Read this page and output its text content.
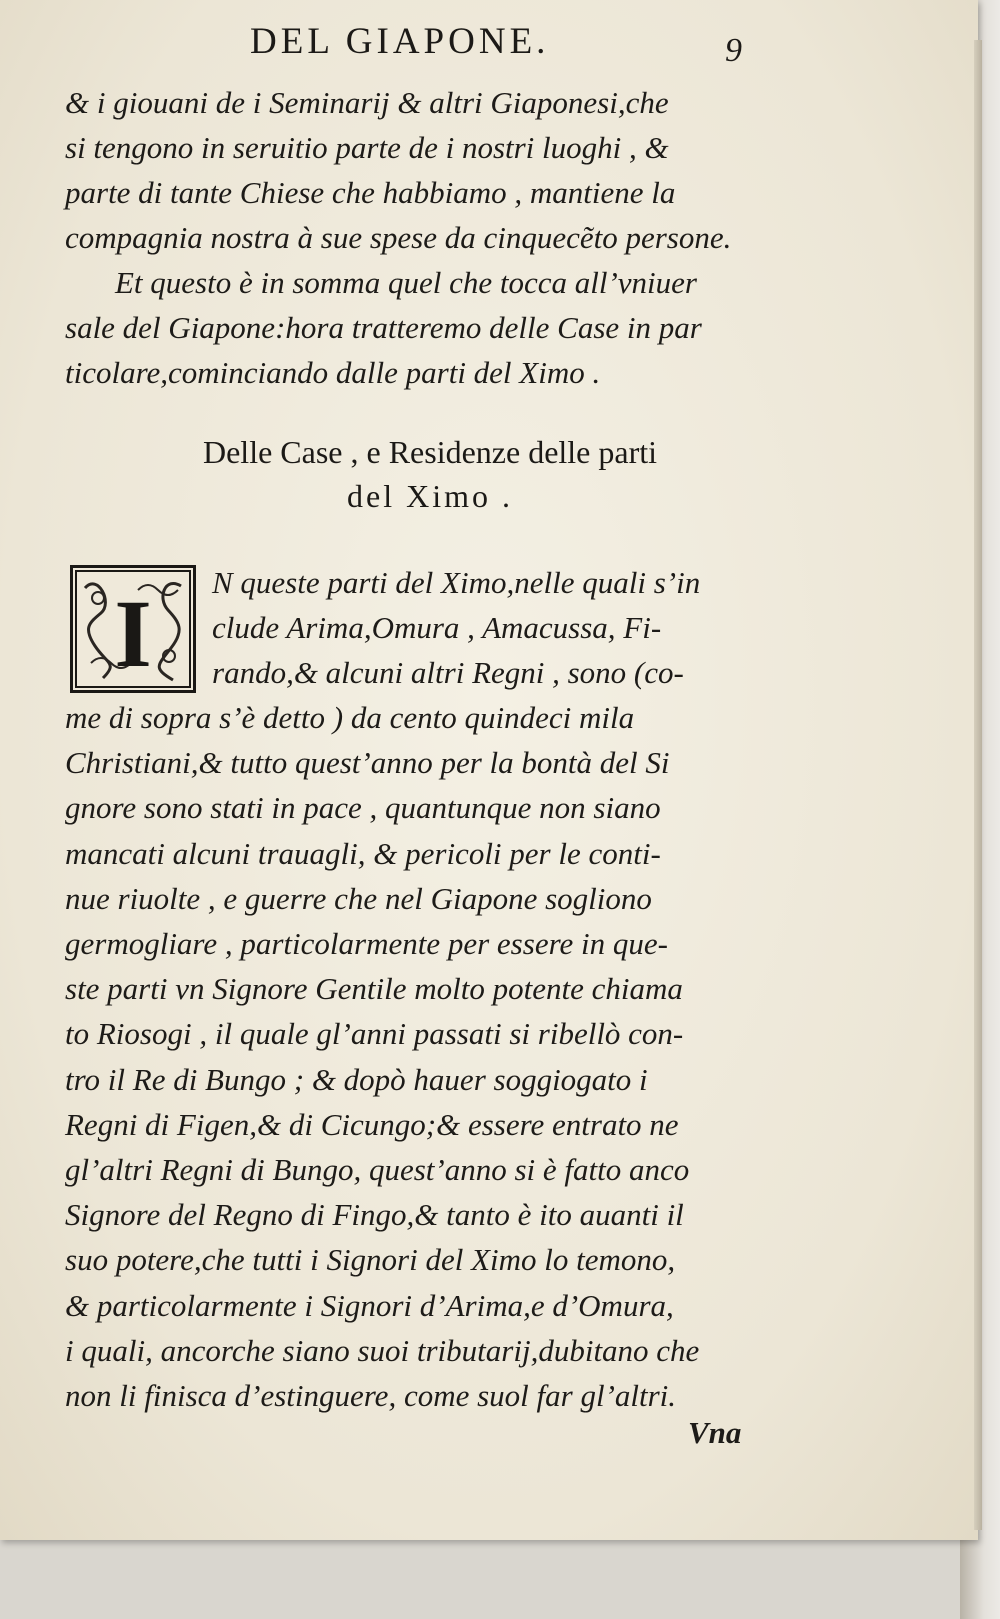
DEL GIAPONE.	9
& i giouani de i Seminarij & altri Giaponesi,che
si tengono in seruitio parte de i nostri luoghi , &
parte di tante Chiese che habbiamo , mantiene la
compagnia nostra à sue spese da cinquecẽto persone.
Et questo è in somma quel che tocca all’vniuer
sale del Giapone:hora tratteremo delle Case in par
ticolare,cominciando dalle parti del Ximo .
Delle Case , e Residenze delle parti
del Ximo .
I N queste parti del Ximo,nelle quali s’in
clude Arima,Omura , Amacussa, Fi-
rando,& alcuni altri Regni , sono (co-
me di sopra s’è detto ) da cento quindeci mila
Christiani,& tutto quest’anno per la bontà del Si
gnore sono stati in pace , quantunque non siano
mancati alcuni trauagli, & pericoli per le conti-
nue riuolte , e guerre che nel Giapone sogliono
germogliare , particolarmente per essere in que-
ste parti vn Signore Gentile molto potente chiama
to Riosogi , il quale gl’anni passati si ribellò con-
tro il Re di Bungo ; & dopò hauer soggiogato i
Regni di Figen,& di Cicungo;& essere entrato ne
gl’altri Regni di Bungo, quest’anno si è fatto anco
Signore del Regno di Fingo,& tanto è ito auanti il
suo potere,che tutti i Signori del Ximo lo temono,
& particolarmente i Signori d’Arima,e d’Omura,
i quali, ancorche siano suoi tributarij,dubitano che
non li finisca d’estinguere, come suol far gl’altri.
Vna
